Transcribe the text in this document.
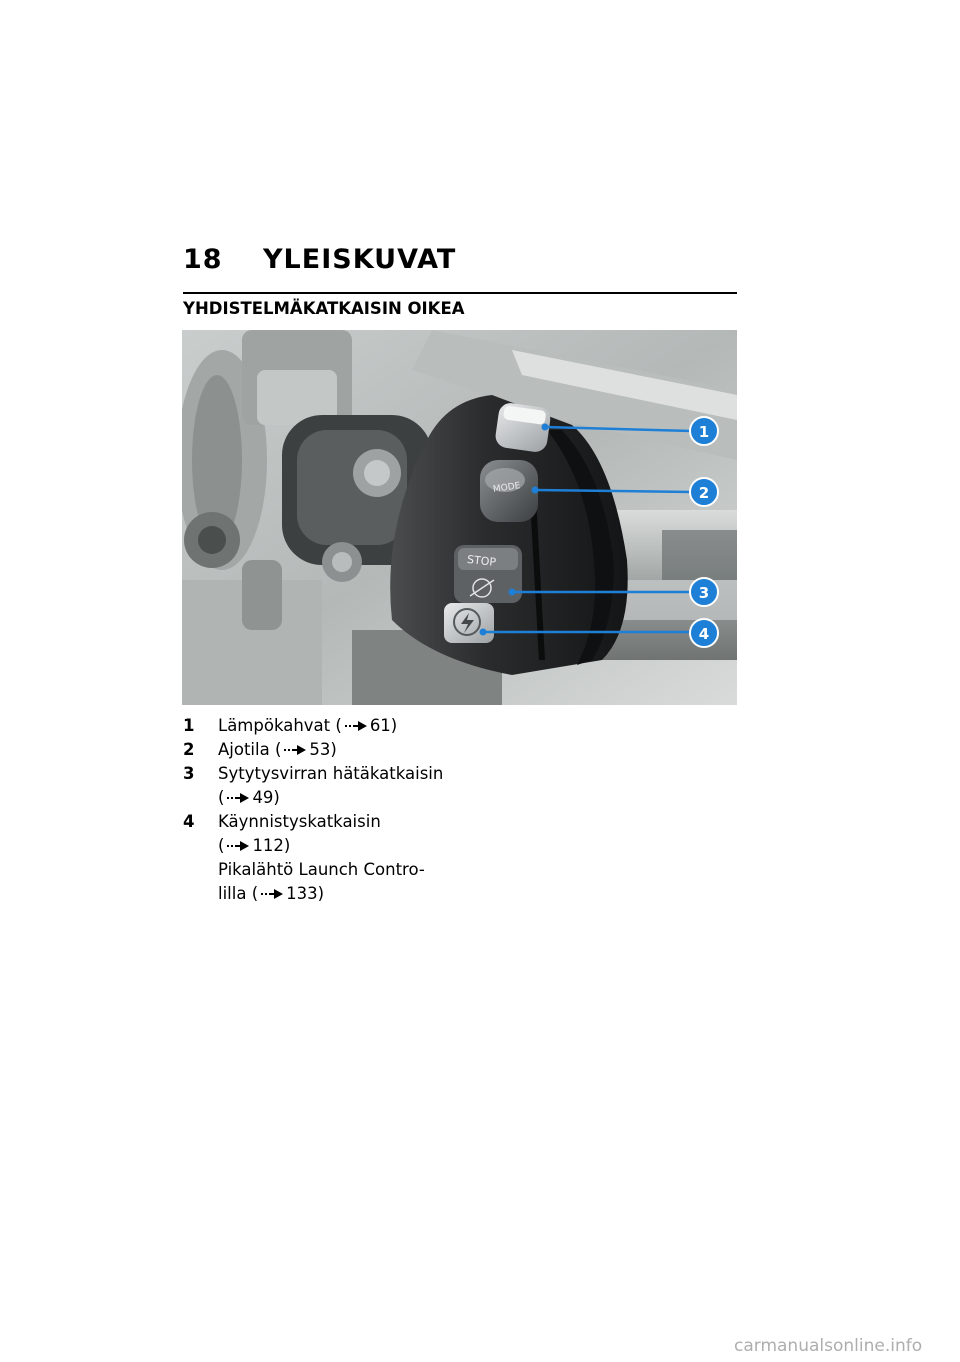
18 YLEISKUVAT
YHDISTELMÄKATKAISIN OIKEA
MODE
STOP
1
2
3
4
1 Lämpökahvat ( 61)
2 Ajotila ( 53)
3 Sytytysvirran hätäkatkaisin
( 49)
4 Käynnistyskatkaisin
( 112)
Pikalähtö Launch Contro-
lilla ( 133)
carmanualsonline.info
